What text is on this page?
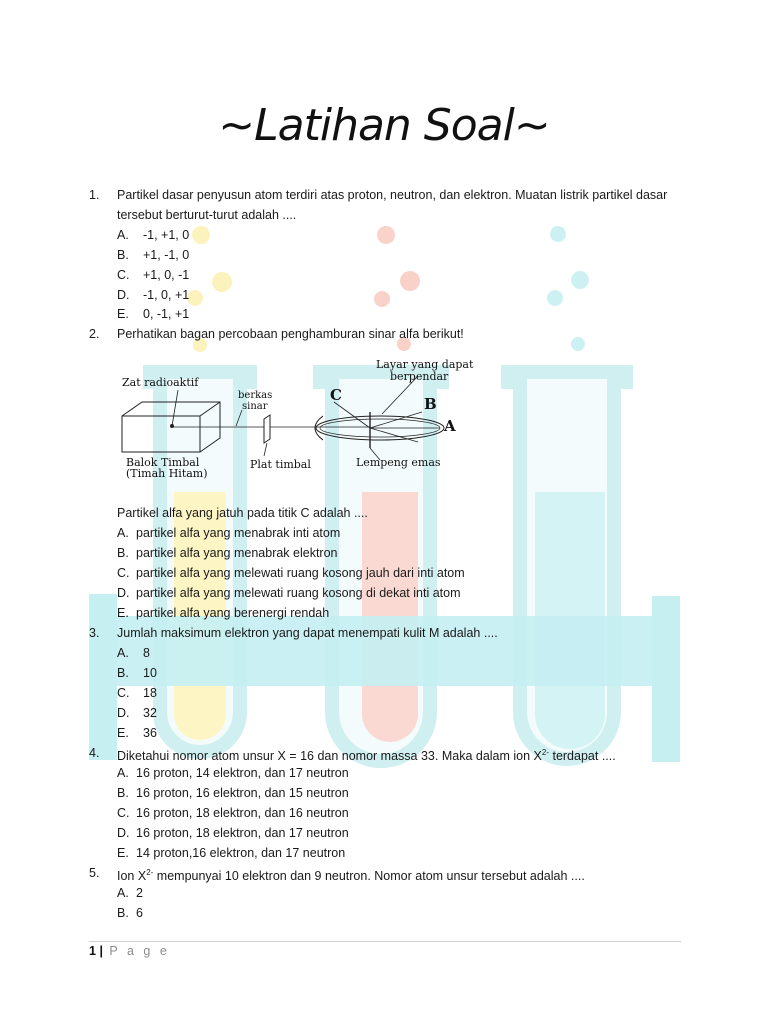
~Latihan Soal~
1. Partikel dasar penyusun atom terdiri atas proton, neutron, dan elektron. Muatan listrik partikel dasar tersebut berturut-turut adalah ....
A. -1, +1, 0
B. +1, -1, 0
C. +1, 0, -1
D. -1, 0, +1
E. 0, -1, +1
2. Perhatikan bagan percobaan penghamburan sinar alfa berikut!
Zat radioaktif
berkas
sinar
Layar yang dapat
berpendar
Balok Timbal
(Timah Hitam)
Plat timbal	Lempeng emas
C	B
A
Partikel alfa yang jatuh pada titik C adalah ....
A. partikel alfa yang menabrak inti atom
B. partikel alfa yang menabrak elektron
C. partikel alfa yang melewati ruang kosong jauh dari inti atom
D. partikel alfa yang melewati ruang kosong di dekat inti atom
E. partikel alfa yang berenergi rendah
3. Jumlah maksimum elektron yang dapat menempati kulit M adalah ....
A. 8
B. 10
C. 18
D. 32
E. 36
4. Diketahui nomor atom unsur X = 16 dan nomor massa 33. Maka dalam ion $X^{2-}$ terdapat ....
A. 16 proton, 14 elektron, dan 17 neutron
B. 16 proton, 16 elektron, dan 15 neutron
C. 16 proton, 18 elektron, dan 16 neutron
D. 16 proton, 18 elektron, dan 17 neutron
E. 14 proton,16 elektron, dan 17 neutron
5. Ion $X^{2-}$ mempunyai 10 elektron dan 9 neutron. Nomor atom unsur tersebut adalah ....
A. 2
B. 6
1 | P a g e
